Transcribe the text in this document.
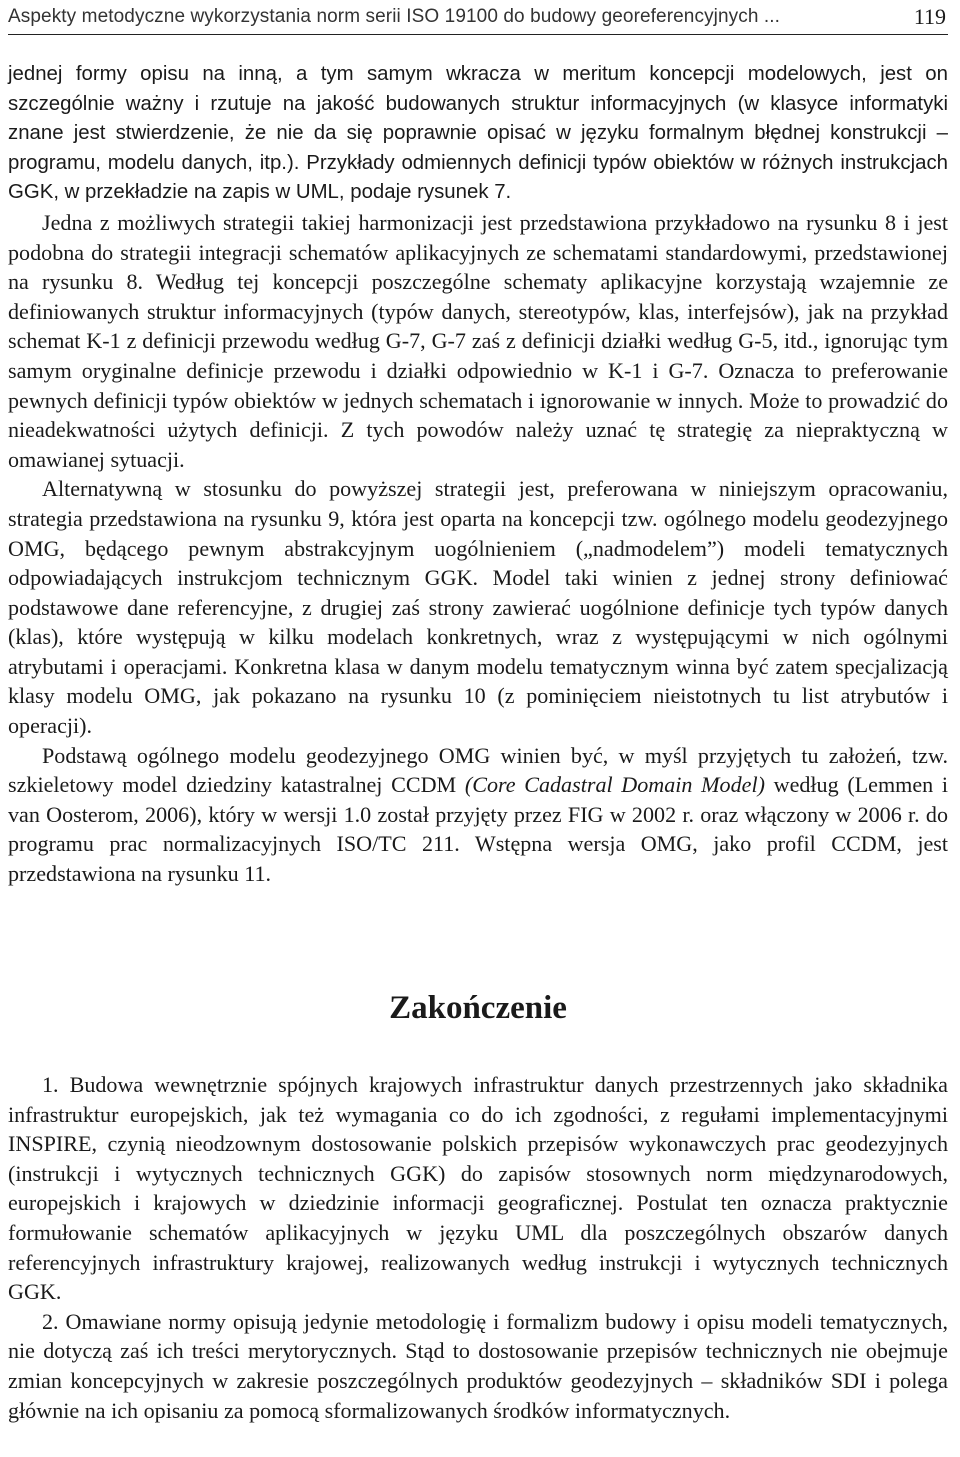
Aspekty metodyczne wykorzystania norm serii ISO 19100 do budowy georeferencyjnych ...	119

jednej formy opisu na inną, a tym samym wkracza w meritum koncepcji modelowych, jest on szczególnie ważny i rzutuje na jakość budowanych struktur informacyjnych (w klasyce informatyki znane jest stwierdzenie, że nie da się poprawnie opisać w języku formalnym błędnej konstrukcji – programu, modelu danych, itp.). Przykłady odmiennych definicji typów obiektów w różnych instrukcjach GGK, w przekładzie na zapis w UML, podaje rysunek 7.

Jedna z możliwych strategii takiej harmonizacji jest przedstawiona przykładowo na rysunku 8 i jest podobna do strategii integracji schematów aplikacyjnych ze schematami standardowymi, przedstawionej na rysunku 8. Według tej koncepcji poszczególne schematy aplikacyjne korzystają wzajemnie ze definiowanych struktur informacyjnych (typów danych, stereotypów, klas, interfejsów), jak na przykład schemat K-1 z definicji przewodu według G-7, G-7 zaś z definicji działki według G-5, itd., ignorując tym samym oryginalne definicje przewodu i działki odpowiednio w K-1 i G-7. Oznacza to preferowanie pewnych definicji typów obiektów w jednych schematach i ignorowanie w innych. Może to prowadzić do nieadekwatności użytych definicji. Z tych powodów należy uznać tę strategię za niepraktyczną w omawianej sytuacji.

Alternatywną w stosunku do powyższej strategii jest, preferowana w niniejszym opracowaniu, strategia przedstawiona na rysunku 9, która jest oparta na koncepcji tzw. ogólnego modelu geodezyjnego OMG, będącego pewnym abstrakcyjnym uogólnieniem („nadmodelem”) modeli tematycznych odpowiadających instrukcjom technicznym GGK. Model taki winien z jednej strony definiować podstawowe dane referencyjne, z drugiej zaś strony zawierać uogólnione definicje tych typów danych (klas), które występują w kilku modelach konkretnych, wraz z występującymi w nich ogólnymi atrybutami i operacjami. Konkretna klasa w danym modelu tematycznym winna być zatem specjalizacją klasy modelu OMG, jak pokazano na rysunku 10 (z pominięciem nieistotnych tu list atrybutów i operacji).

Podstawą ogólnego modelu geodezyjnego OMG winien być, w myśl przyjętych tu założeń, tzw. szkieletowy model dziedziny katastralnej CCDM (Core Cadastral Domain Model) według (Lemmen i van Oosterom, 2006), który w wersji 1.0 został przyjęty przez FIG w 2002 r. oraz włączony w 2006 r. do programu prac normalizacyjnych ISO/TC 211. Wstępna wersja OMG, jako profil CCDM, jest przedstawiona na rysunku 11.

Zakończenie

1. Budowa wewnętrznie spójnych krajowych infrastruktur danych przestrzennych jako składnika infrastruktur europejskich, jak też wymagania co do ich zgodności, z regułami implementacyjnymi INSPIRE, czynią nieodzownym dostosowanie polskich przepisów wykonawczych prac geodezyjnych (instrukcji i wytycznych technicznych GGK) do zapisów stosownych norm międzynarodowych, europejskich i krajowych w dziedzinie informacji geograficznej. Postulat ten oznacza praktycznie formułowanie schematów aplikacyjnych w języku UML dla poszczególnych obszarów danych referencyjnych infrastruktury krajowej, realizowanych według instrukcji i wytycznych technicznych GGK.

2. Omawiane normy opisują jedynie metodologię i formalizm budowy i opisu modeli tematycznych, nie dotyczą zaś ich treści merytorycznych. Stąd to dostosowanie przepisów technicznych nie obejmuje zmian koncepcyjnych w zakresie poszczególnych produktów geodezyjnych – składników SDI i polega głównie na ich opisaniu za pomocą sformalizowanych środków informatycznych.
